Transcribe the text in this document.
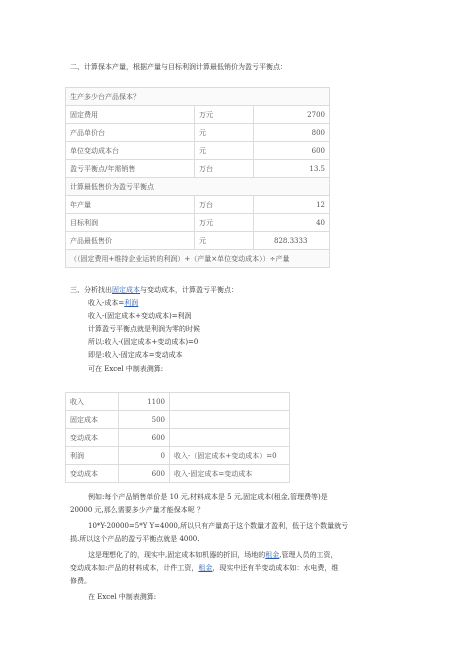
二、计算保本产量，根据产量与目标利润计算最低销价为盈亏平衡点：
生产多少台产品保本？		
固定费用	万元	2700
产品单价台	元	800
单位变动成本台	元	600
盈亏平衡点/年需销售	万台	13.5
计算最低售价为盈亏平衡点		
年产量	万台	12
目标利润	万元	40
产品最低售价	元	828.3333
（（固定费用+维持企业运转的利润）+（产量×单位变动成本））÷产量		
三、分析找出固定成本与变动成本，计算盈亏平衡点：
收入-成本=利润
收入-(固定成本+变动成本)=利润
计算盈亏平衡点就是利润为零的时候
所以:收入-(固定成本+变动成本)=0
即是:收入-固定成本=变动成本
可在 Excel 中制表测算:
收入	1100	
固定成本	500	
变动成本	600	
利润	0	收入-（固定成本+变动成本）=0
变动成本	600	收入-固定成本=变动成本
例如:每个产品销售单价是 10 元,材料成本是 5 元,固定成本(租金,管理费等)是
20000 元,那么需要多少产量才能保本呢 ？
10*Y-20000=5*Y Y=4000,所以只有产量高于这个数量才盈利，低于这个数量就亏
损.所以这个产品的盈亏平衡点就是 4000.
这是理想化了的，现实中,固定成本如机器的折旧，场地的租金,管理人员的工资，
变动成本如:产品的材料成本，计件工资，租金，现实中还有半变动成本如：水电费，维
修费。
在 Excel 中制表测算:
